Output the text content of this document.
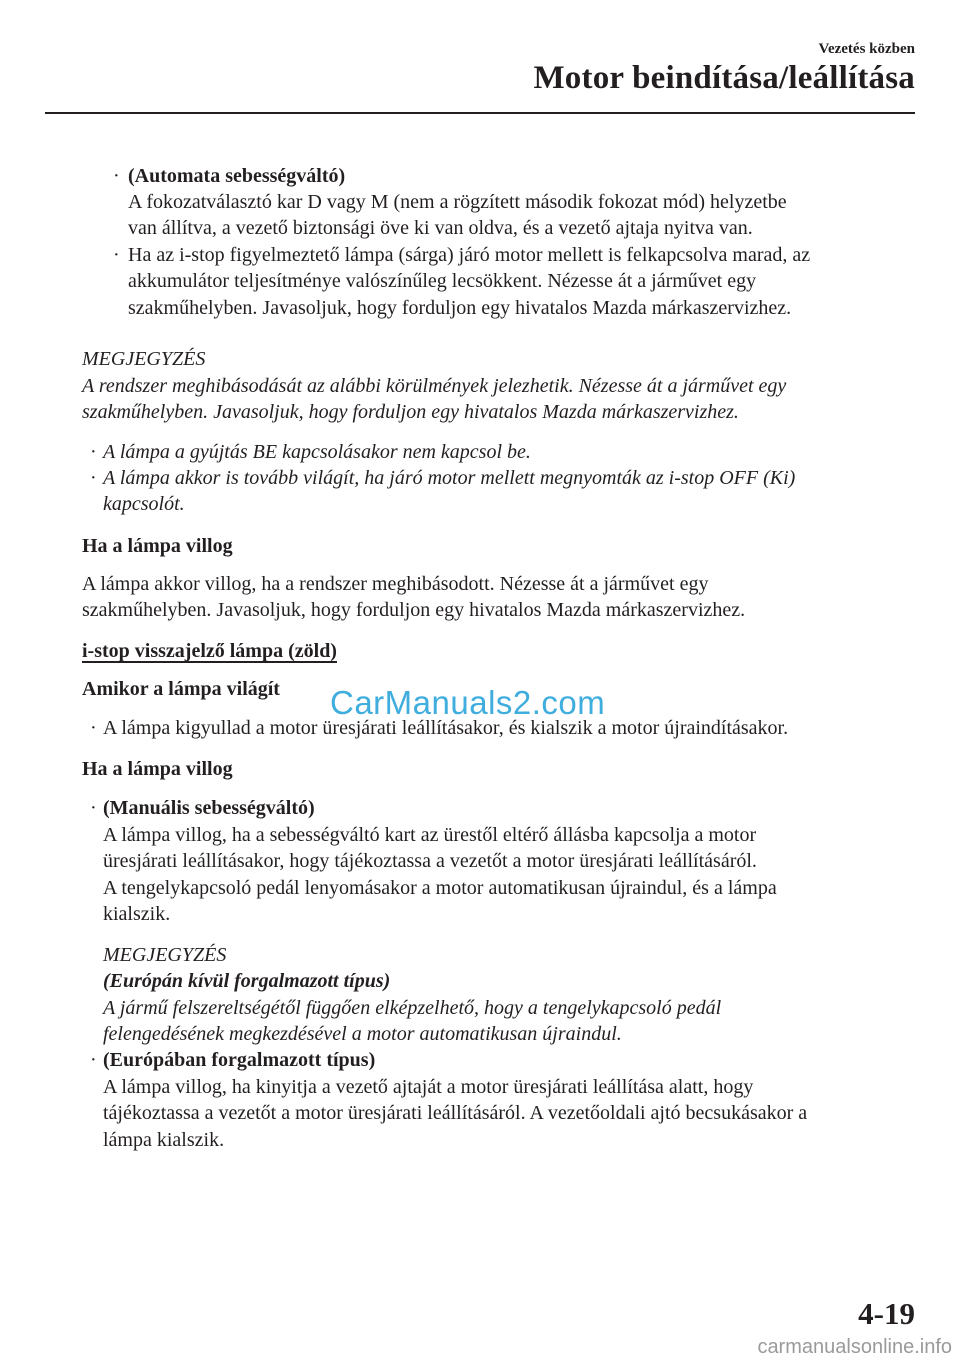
Vezetés közben
Motor beindítása/leállítása
· (Automata sebességváltó)
A fokozatválasztó kar D vagy M (nem a rögzített második fokozat mód) helyzetbe
van állítva, a vezető biztonsági öve ki van oldva, és a vezető ajtaja nyitva van.
· Ha az i-stop figyelmeztető lámpa (sárga) járó motor mellett is felkapcsolva marad, az
akkumulátor teljesítménye valószínűleg lecsökkent. Nézesse át a járművet egy
szakműhelyben. Javasoljuk, hogy forduljon egy hivatalos Mazda márkaszervizhez.
MEGJEGYZÉS
A rendszer meghibásodását az alábbi körülmények jelezhetik. Nézesse át a járművet egy
szakműhelyben. Javasoljuk, hogy forduljon egy hivatalos Mazda márkaszervizhez.
· A lámpa a gyújtás BE kapcsolásakor nem kapcsol be.
· A lámpa akkor is tovább világít, ha járó motor mellett megnyomták az i-stop OFF (Ki)
kapcsolót.
Ha a lámpa villog
A lámpa akkor villog, ha a rendszer meghibásodott. Nézesse át a járművet egy
szakműhelyben. Javasoljuk, hogy forduljon egy hivatalos Mazda márkaszervizhez.
i-stop visszajelző lámpa (zöld)
Amikor a lámpa világít
· A lámpa kigyullad a motor üresjárati leállításakor, és kialszik a motor újraindításakor.
Ha a lámpa villog
· (Manuális sebességváltó)
A lámpa villog, ha a sebességváltó kart az üres​től eltérő állásba kapcsolja a motor
üresjárati leállításakor, hogy tájékoztassa a vezetőt a motor üresjárati leállításáról.
A tengelykapcsoló pedál lenyomásakor a motor automatikusan újraindul, és a lámpa
kialszik.
MEGJEGYZÉS
(Európán kívül forgalmazott típus)
A jármű felszereltségétől függően elképzelhető, hogy a tengelykapcsoló pedál
felengedésének megkezdésével a motor automatikusan újraindul.
· (Európában forgalmazott típus)
A lámpa villog, ha kinyitja a vezető ajtaját a motor üresjárati leállítása alatt, hogy
tájékoztassa a vezetőt a motor üresjárati leállításáról. A vezetőoldali ajtó becsukásakor a
lámpa kialszik.
CarManuals2.com
4-19
carmanualsonline.info
